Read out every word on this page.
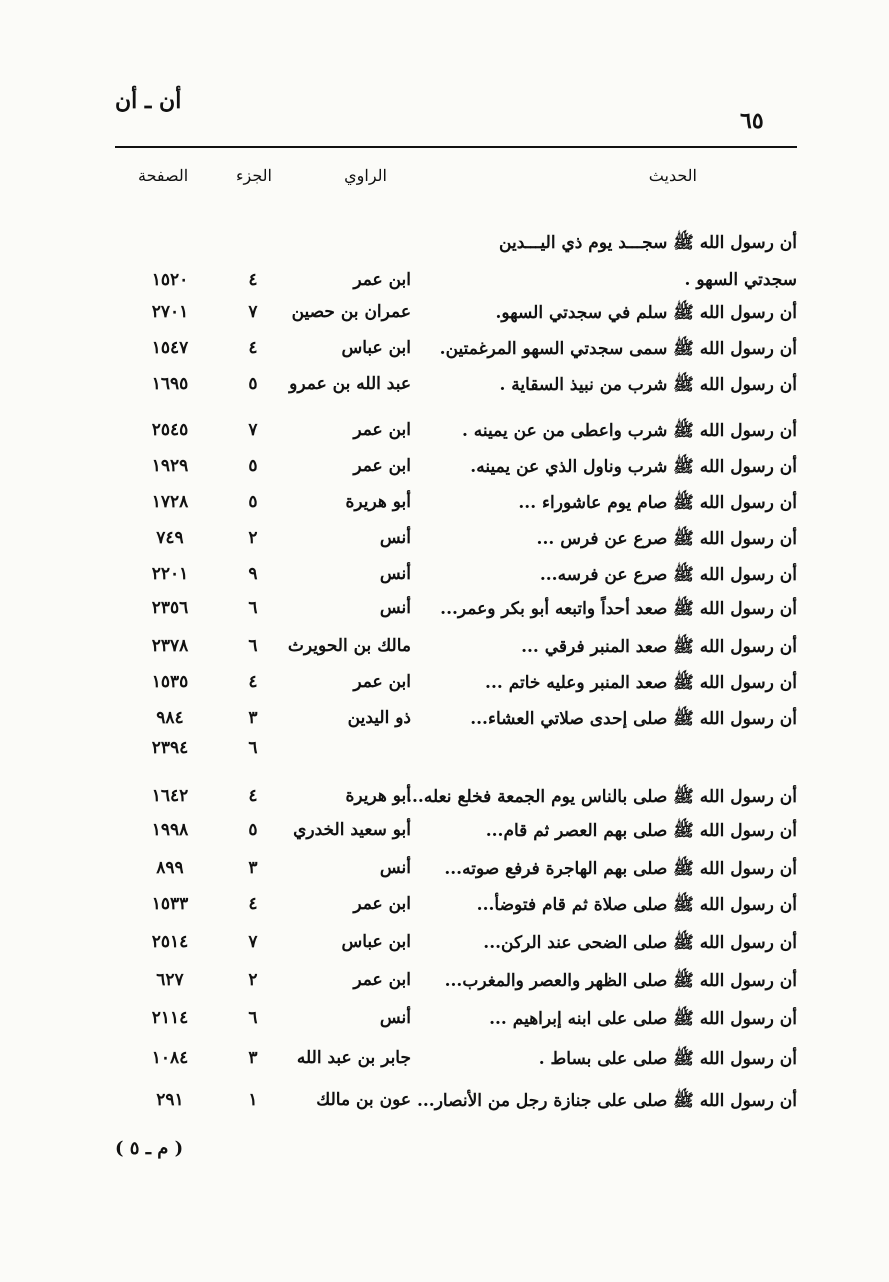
أن ـ أن
٦٥
الحديث
الراوي
الجزء
الصفحة
أن رسول الله ﷺ سجـــد يوم ذي اليـــدين
سجدتي السهو .
ابن عمر
٤
١٥٢٠
أن رسول الله ﷺ سلم في سجدتي السهو.
عمران بن حصين
٧
٢٧٠١
أن رسول الله ﷺ سمى سجدتي السهو المرغمتين.
ابن عباس
٤
١٥٤٧
أن رسول الله ﷺ شرب من نبيذ السقاية .
عبد الله بن عمرو
٥
١٦٩٥
أن رسول الله ﷺ شرب واعطى من عن يمينه .
ابن عمر
٧
٢٥٤٥
أن رسول الله ﷺ شرب وناول الذي عن يمينه.
ابن عمر
٥
١٩٢٩
أن رسول الله ﷺ صام يوم عاشوراء ...
أبو هريرة
٥
١٧٢٨
أن رسول الله ﷺ صرع عن فرس ...
أنس
٢
٧٤٩
أن رسول الله ﷺ صرع عن فرسه...
أنس
٩
٢٢٠١
أن رسول الله ﷺ صعد أحداً واتبعه أبو بكر وعمر...
أنس
٦
٢٣٥٦
أن رسول الله ﷺ صعد المنبر فرقي ...
مالك بن الحويرث
٦
٢٣٧٨
أن رسول الله ﷺ صعد المنبر وعليه خاتم ...
ابن عمر
٤
١٥٣٥
أن رسول الله ﷺ صلى إحدى صلاتي العشاء...
ذو اليدين
٣
٩٨٤
٦
٢٣٩٤
أن رسول الله ﷺ صلى بالناس يوم الجمعة فخلع نعله...
أبو هريرة
٤
١٦٤٢
أن رسول الله ﷺ صلى بهم العصر ثم قام...
أبو سعيد الخدري
٥
١٩٩٨
أن رسول الله ﷺ صلى بهم الهاجرة فرفع صوته...
أنس
٣
٨٩٩
أن رسول الله ﷺ صلى صلاة ثم قام فتوضأ...
ابن عمر
٤
١٥٣٣
أن رسول الله ﷺ صلى الضحى عند الركن...
ابن عباس
٧
٢٥١٤
أن رسول الله ﷺ صلى الظهر والعصر والمغرب...
ابن عمر
٢
٦٢٧
أن رسول الله ﷺ صلى على ابنه إبراهيم ...
أنس
٦
٢١١٤
أن رسول الله ﷺ صلى على بساط .
جابر بن عبد الله
٣
١٠٨٤
أن رسول الله ﷺ صلى على جنازة رجل من الأنصار...
عون بن مالك
١
٢٩١
( م ـ ٥ )
